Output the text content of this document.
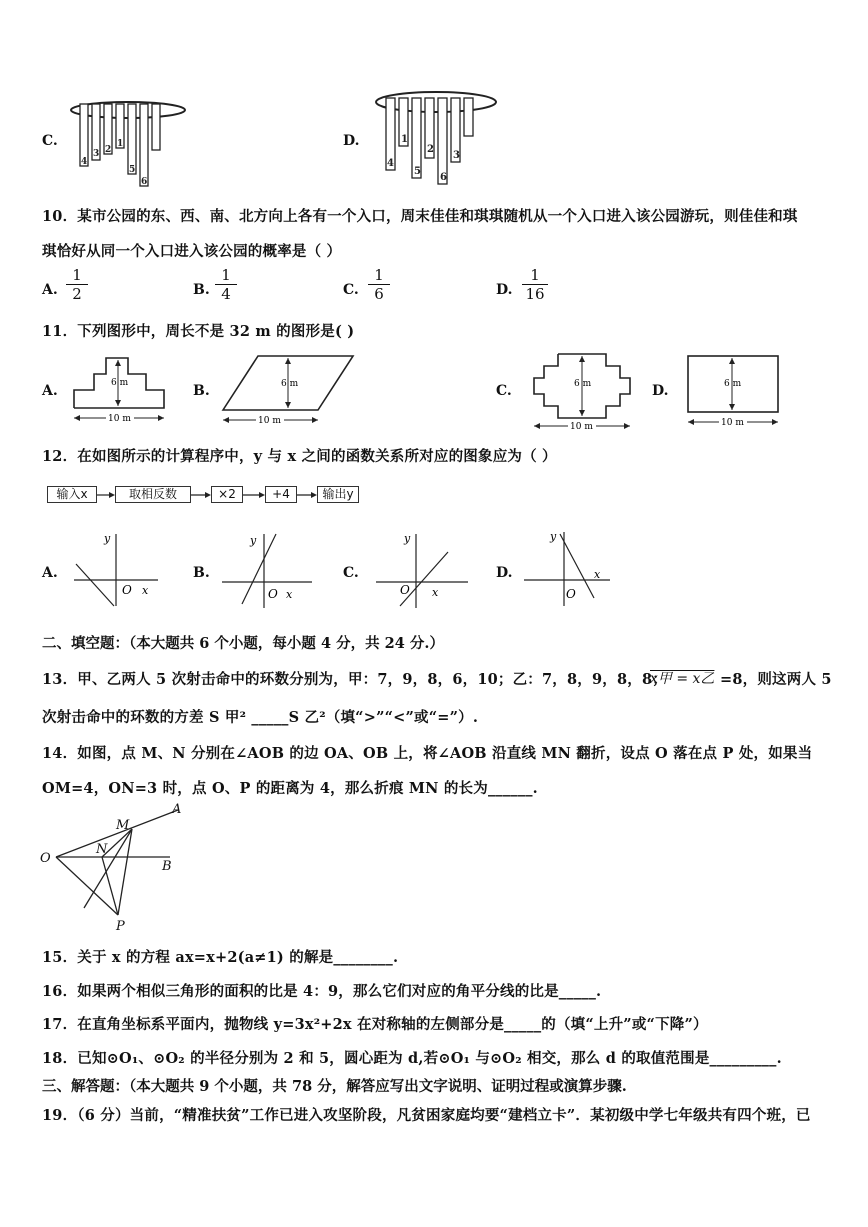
C.
4
3 2
1
5
6
D.
4
1
5
2
6
3
10．某市公园的东、西、南、北方向上各有一个入口，周末佳佳和琪琪随机从一个入口进入该公园游玩，则佳佳和琪
琪恰好从同一个入口进入该公园的概率是（ ）
A. $\frac{1}{2}$	B. $\frac{1}{4}$	C. $\frac{1}{6}$	D. $\frac{1}{16}$
11．下列图形中，周长不是 32 m 的图形是( )
A.	6 m
10 m
B.	6 m
10 m
C.	6 m
10 m
D.	6 m
10 m
12．在如图所示的计算程序中，y 与 x 之间的函数关系所对应的图象应为（ ）
输入x	取相反数	×2	+4	输出y
A.
y
O x
B.
y
O x
C.
y
O x
D.
y
O
x
二、填空题：（本大题共 6 个小题，每小题 4 分，共 24 分.）
13．甲、乙两人 5 次射击命中的环数分别为，甲：7，9，8，6，10；乙：7，8，9，8，8；
x甲 = x乙 =8，则这两人 5
次射击命中的环数的方差 S 甲² _____S 乙²（填“>”“<”或“=”）.
14．如图，点 M、N 分别在∠AOB 的边 OA、OB 上，将∠AOB 沿直线 MN 翻折，设点 O 落在点 P 处，如果当
OM=4，ON=3 时，点 O、P 的距离为 4，那么折痕 MN 的长为______.
A
M
N
O
B
P
15．关于 x 的方程 ax=x+2(a≠1) 的解是________.
16．如果两个相似三角形的面积的比是 4：9，那么它们对应的角平分线的比是_____.
17．在直角坐标系平面内，抛物线 y=3x²+2x 在对称轴的左侧部分是_____的（填“上升”或“下降”）
18．已知⊙O₁、⊙O₂ 的半径分别为 2 和 5，圆心距为 d,若⊙O₁ 与⊙O₂ 相交，那么 d 的取值范围是_________.
三、解答题：（本大题共 9 个小题，共 78 分，解答应写出文字说明、证明过程或演算步骤.
19．（6 分）当前，“精准扶贫”工作已进入攻坚阶段，凡贫困家庭均要“建档立卡”．某初级中学七年级共有四个班，已
